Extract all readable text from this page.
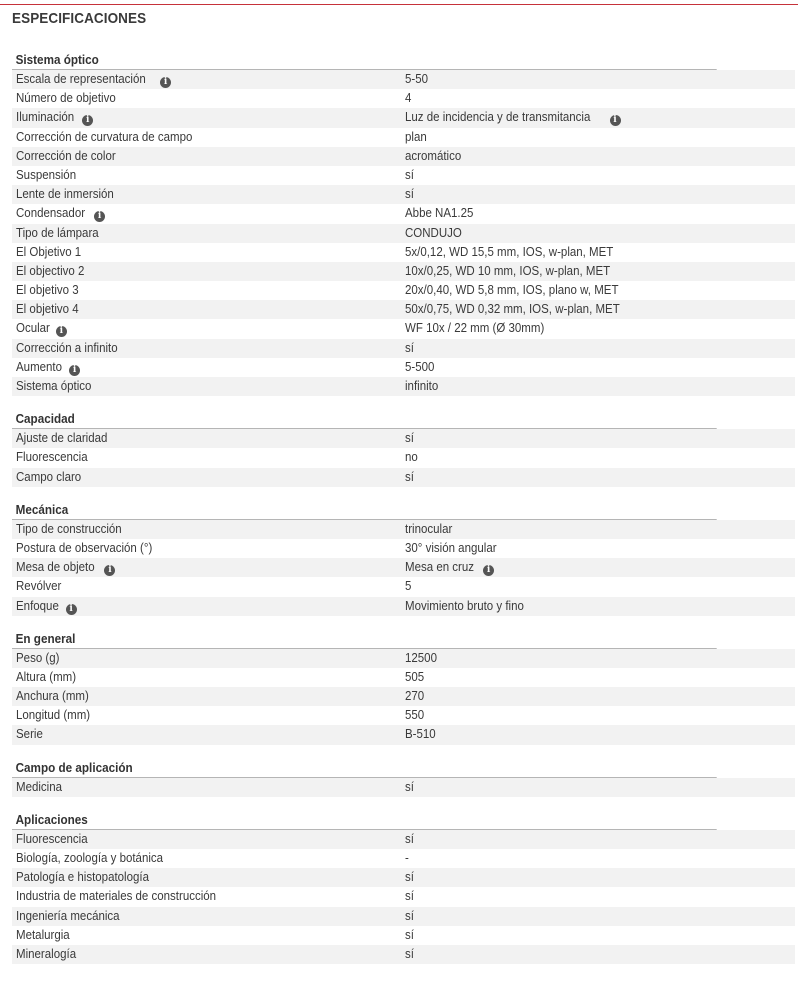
ESPECIFICACIONES
Sistema óptico
Escala de representación i	5-50
Número de objetivo	4
Iluminación i	Luz de incidencia y de transmitancia	i
Corrección de curvatura de campo	plan
Corrección de color	acromático
Suspensión	sí
Lente de inmersión	sí
Condensador i	Abbe NA1.25
Tipo de lámpara	CONDUJO
El Objetivo 1	5x/0,12, WD 15,5 mm, IOS, w-plan, MET
El objectivo 2	10x/0,25, WD 10 mm, IOS, w-plan, MET
El objetivo 3	20x/0,40, WD 5,8 mm, IOS, plano w, MET
El objetivo 4	50x/0,75, WD 0,32 mm, IOS, w-plan, MET
Ocular i	WF 10x / 22 mm (Ø 30mm)
Corrección a infinito	sí
Aumento i	5-500
Sistema óptico	infinito
Capacidad
Ajuste de claridad	sí
Fluorescencia	no
Campo claro	sí
Mecánica
Tipo de construcción	trinocular
Postura de observación (°)	30° visión angular
Mesa de objeto i	Mesa en cruz i
Revólver	5
Enfoque i	Movimiento bruto y fino
En general
Peso (g)	12500
Altura (mm)	505
Anchura (mm)	270
Longitud (mm)	550
Serie	B-510
Campo de aplicación
Medicina	sí
Aplicaciones
Fluorescencia	sí
Biología, zoología y botánica	-
Patología e histopatología	sí
Industria de materiales de construcción	sí
Ingeniería mecánica	sí
Metalurgia	sí
Mineralogía	sí
